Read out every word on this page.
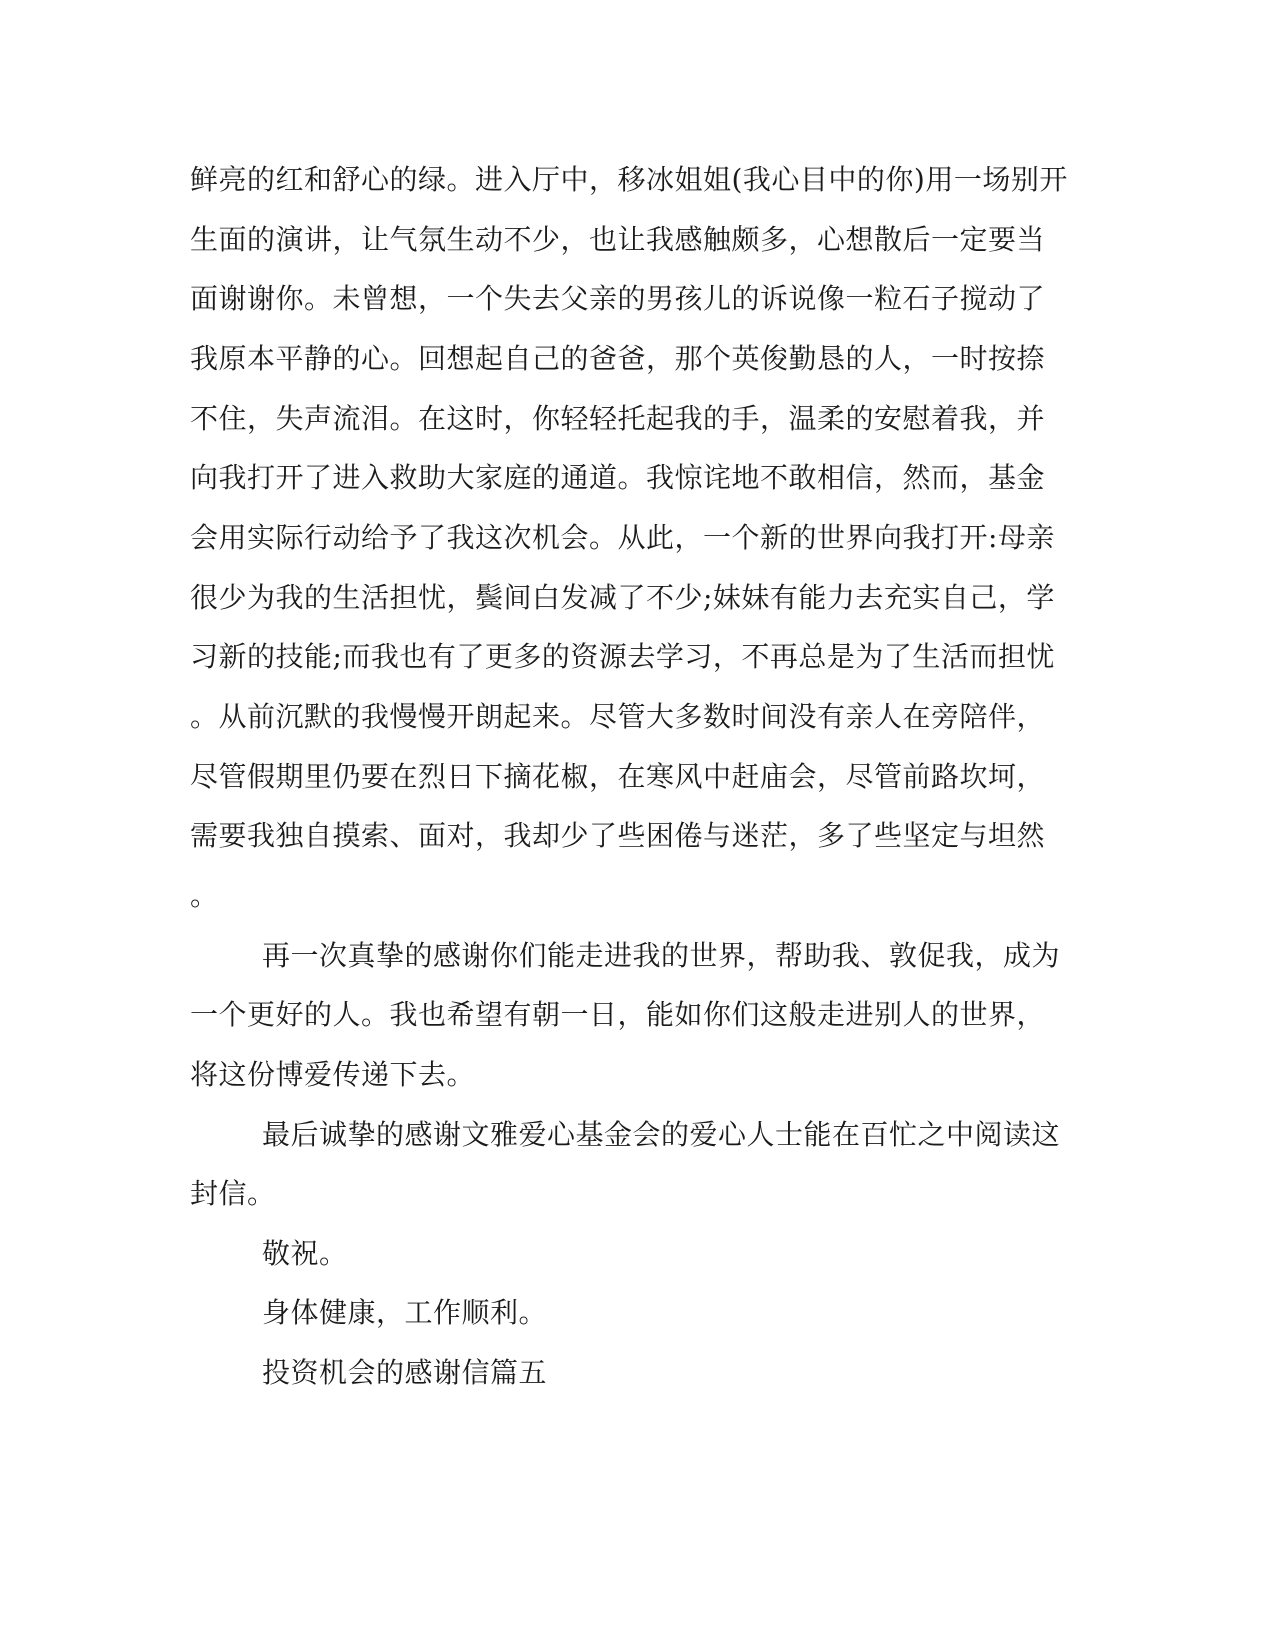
鲜亮的红和舒心的绿。进入厅中，移冰姐姐(我心目中的你)用一场别开
生面的演讲，让气氛生动不少，也让我感触颇多，心想散后一定要当
面谢谢你。未曾想，一个失去父亲的男孩儿的诉说像一粒石子搅动了
我原本平静的心。回想起自己的爸爸，那个英俊勤恳的人，一时按捺
不住，失声流泪。在这时，你轻轻托起我的手，温柔的安慰着我，并
向我打开了进入救助大家庭的通道。我惊诧地不敢相信，然而，基金
会用实际行动给予了我这次机会。从此，一个新的世界向我打开:母亲
很少为我的生活担忧，鬓间白发减了不少;妹妹有能力去充实自己，学
习新的技能;而我也有了更多的资源去学习，不再总是为了生活而担忧
。从前沉默的我慢慢开朗起来。尽管大多数时间没有亲人在旁陪伴，
尽管假期里仍要在烈日下摘花椒，在寒风中赶庙会，尽管前路坎坷，
需要我独自摸索、面对，我却少了些困倦与迷茫，多了些坚定与坦然
。
再一次真挚的感谢你们能走进我的世界，帮助我、敦促我，成为
一个更好的人。我也希望有朝一日，能如你们这般走进别人的世界，
将这份博爱传递下去。
最后诚挚的感谢文雅爱心基金会的爱心人士能在百忙之中阅读这
封信。
敬祝。
身体健康，工作顺利。
投资机会的感谢信篇五
